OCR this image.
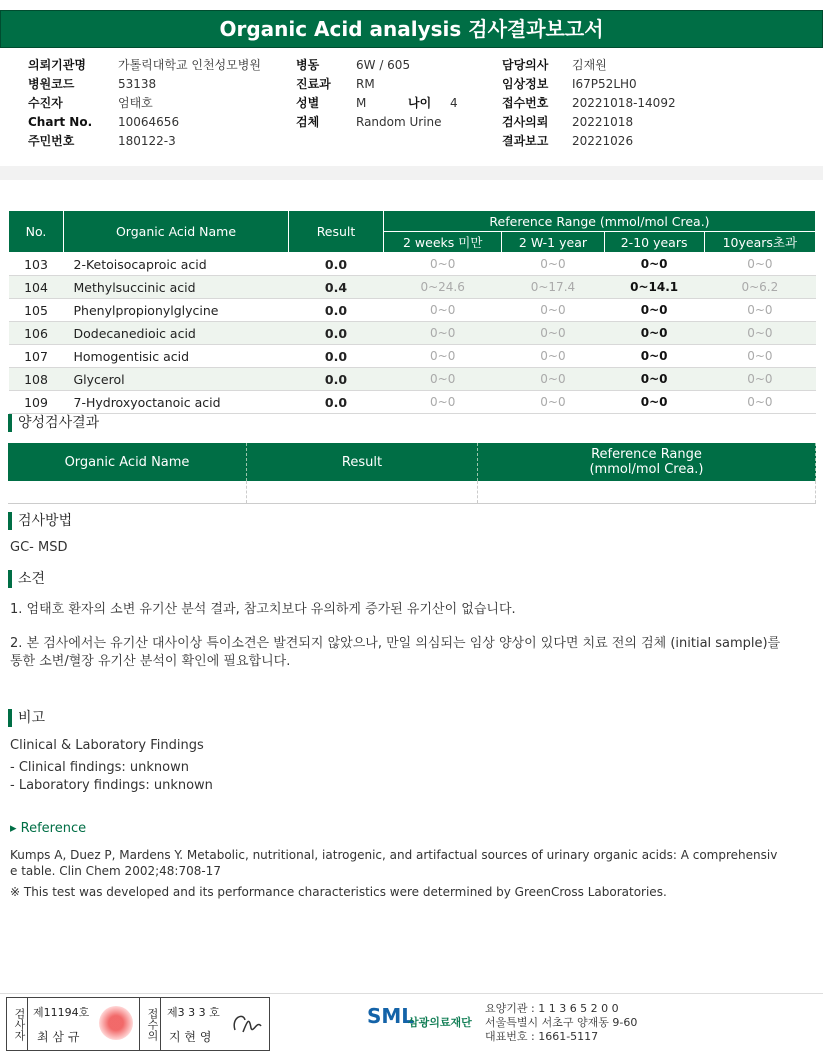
Organic Acid analysis 검사결과보고서
의뢰기관명	가톨릭대학교 인천성모병원
병원코드	53138
수진자	엄태호
Chart No.	10064656
주민번호	180122-3
병동	6W / 605
진료과	RM
성별	M	나이	4
검체	Random Urine
담당의사	김재원
임상정보	I67P52LH0
접수번호	20221018-14092
검사의뢰	20221018
결과보고	20221026
No.	Organic Acid Name	Result	Reference Range (mmol/mol Crea.)			
			2 weeks 미만	2 W-1 year	2-10 years	10years초과
103	2-Ketoisocaproic acid	0.0	0~0	0~0	0~0	0~0
104	Methylsuccinic acid	0.4	0~24.6	0~17.4	0~14.1	0~6.2
105	Phenylpropionylglycine	0.0	0~0	0~0	0~0	0~0
106	Dodecanedioic acid	0.0	0~0	0~0	0~0	0~0
107	Homogentisic acid	0.0	0~0	0~0	0~0	0~0
108	Glycerol	0.0	0~0	0~0	0~0	0~0
109	7-Hydroxyoctanoic acid	0.0	0~0	0~0	0~0	0~0
양성검사결과
Organic Acid Name	Result	Reference Range
(mmol/mol Crea.)

검사방법
GC- MSD
소견
1. 엄태호 환자의 소변 유기산 분석 결과, 참고치보다 유의하게 증가된 유기산이 없습니다.
2. 본 검사에서는 유기산 대사이상 특이소견은 발견되지 않았으나, 만일 의심되는 임상 양상이 있다면 치료 전의 검체 (initial sample)를
통한 소변/혈장 유기산 분석이 확인에 필요합니다.
비고
Clinical & Laboratory Findings
- Clinical findings: unknown
- Laboratory findings: unknown
▸ Reference
Kumps A, Duez P, Mardens Y. Metabolic, nutritional, iatrogenic, and artifactual sources of urinary organic acids: A comprehensiv
e table. Clin Chem 2002;48:708-17
※ This test was developed and its performance characteristics were determined by GreenCross Laboratories.
검사자 제11194호
최 삼 규	접수의 제3 3 3 호
지 현 영
SML
삼광의료재단
요양기관 : 1 1 3 6 5 2 0 0
서울특별시 서초구 양재동 9-60
대표번호 : 1661-5117
